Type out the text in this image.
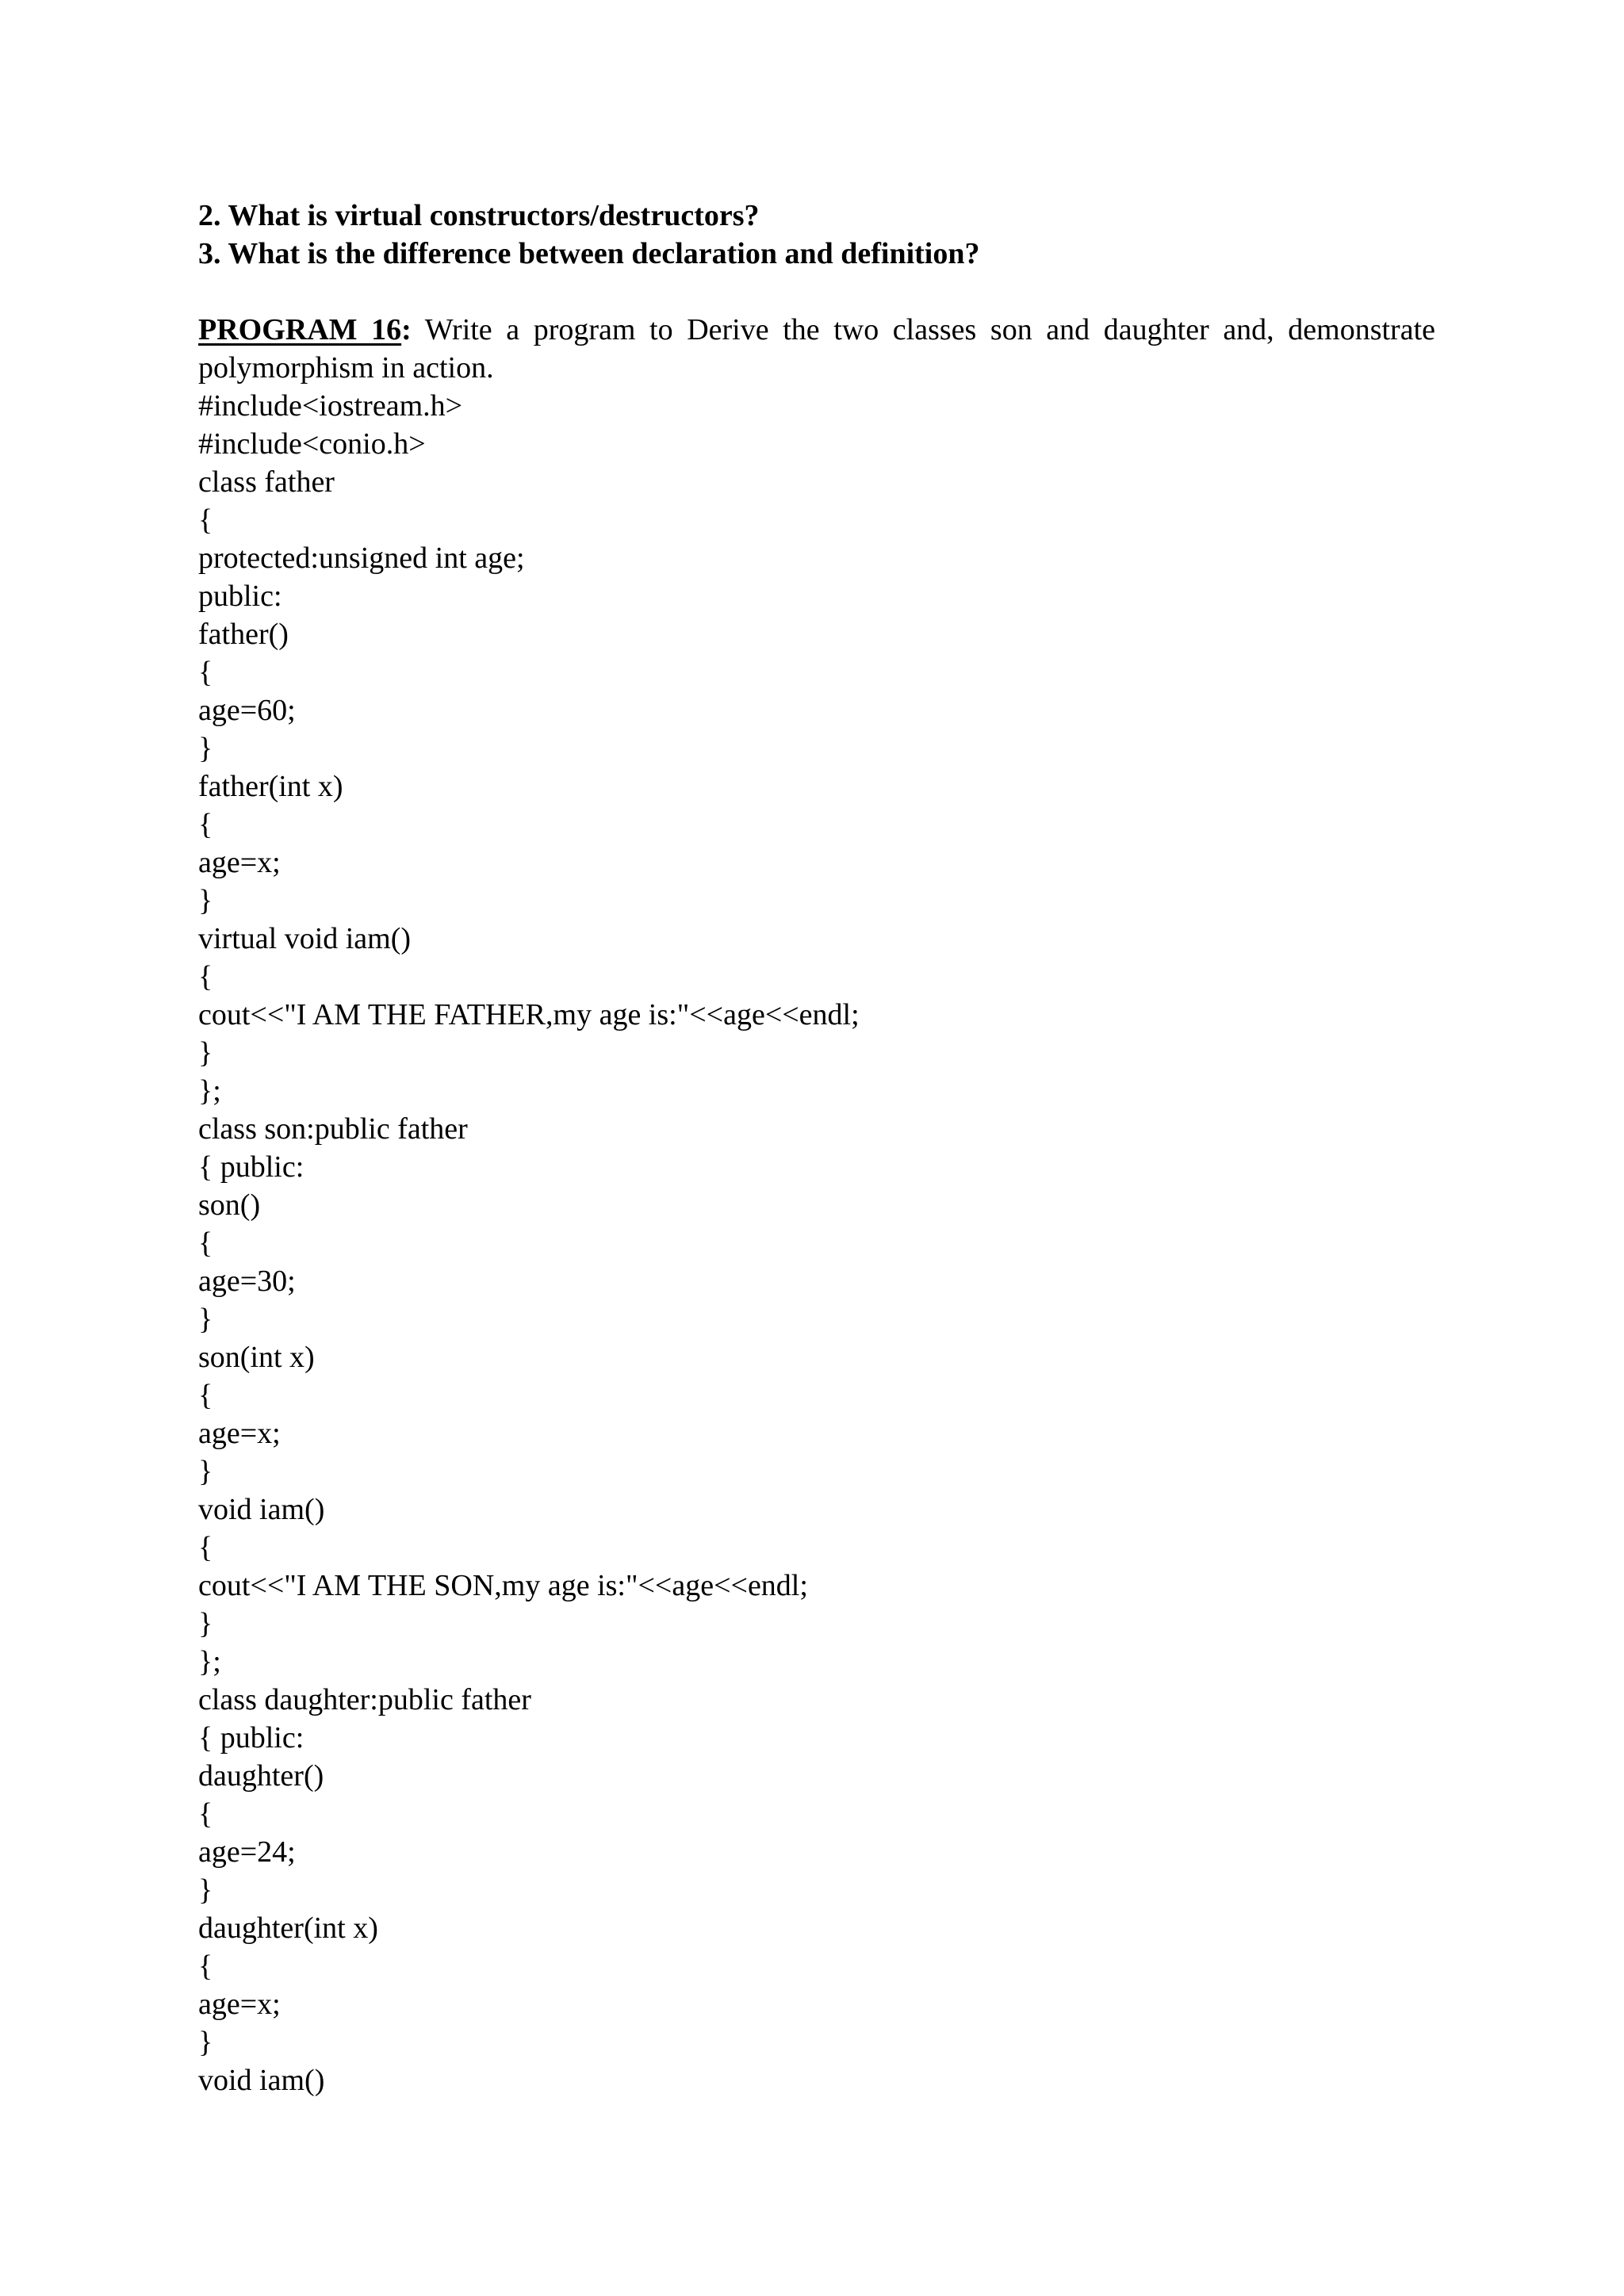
2. What is virtual constructors/destructors?

3. What is the difference between declaration and definition?

PROGRAM 16: Write a program to Derive the two classes son and daughter and, demonstrate polymorphism in action.

#include<iostream.h>
#include<conio.h>
class father
{
protected:unsigned int age;
public:
father()
{
age=60;
}
father(int x)
{
age=x;
}
virtual void iam()
{
cout<<"I AM THE FATHER,my age is:"<<age<<endl;
}
};
class son:public father
{ public:
son()
{
age=30;
}
son(int x)
{
age=x;
}
void iam()
{
cout<<"I AM THE SON,my age is:"<<age<<endl;
}
};
class daughter:public father
{ public:
daughter()
{
age=24;
}
daughter(int x)
{
age=x;
}
void iam()
